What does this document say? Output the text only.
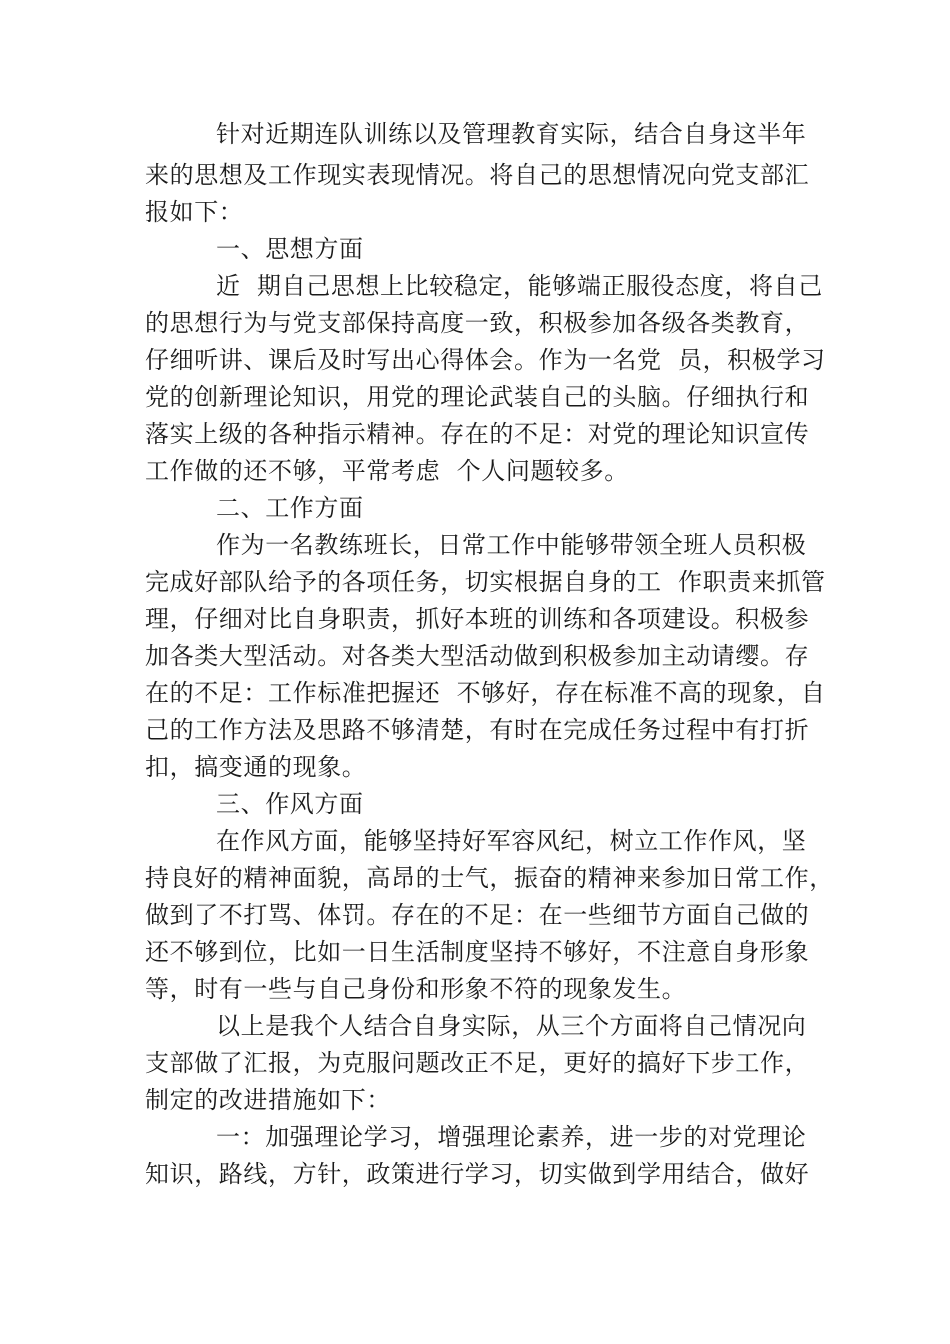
针对近期连队训练以及管理教育实际，结合自身这半年
来的思想及工作现实表现情况。将自己的思想情况向党支部汇
报如下：
一、思想方面
近  期自己思想上比较稳定，能够端正服役态度，将自己
的思想行为与党支部保持高度一致，积极参加各级各类教育，
仔细听讲、课后及时写出心得体会。作为一名党  员，积极学习
党的创新理论知识，用党的理论武装自己的头脑。仔细执行和
落实上级的各种指示精神。存在的不足：对党的理论知识宣传
工作做的还不够，平常考虑  个人问题较多。
二、工作方面
作为一名教练班长，日常工作中能够带领全班人员积极
完成好部队给予的各项任务，切实根据自身的工  作职责来抓管
理，仔细对比自身职责，抓好本班的训练和各项建设。积极参
加各类大型活动。对各类大型活动做到积极参加主动请缨。存
在的不足：工作标准把握还  不够好，存在标准不高的现象，自
己的工作方法及思路不够清楚，有时在完成任务过程中有打折
扣，搞变通的现象。
三、作风方面
在作风方面，能够坚持好军容风纪，树立工作作风，坚
持良好的精神面貌，高昂的士气，振奋的精神来参加日常工作，
做到了不打骂、体罚。存在的不足：在一些细节方面自己做的
还不够到位，比如一日生活制度坚持不够好，不注意自身形象
等，时有一些与自己身份和形象不符的现象发生。
以上是我个人结合自身实际，从三个方面将自己情况向
支部做了汇报，为克服问题改正不足，更好的搞好下步工作，
制定的改进措施如下：
一：加强理论学习，增强理论素养，进一步的对党理论
知识，路线，方针，政策进行学习，切实做到学用结合，做好
